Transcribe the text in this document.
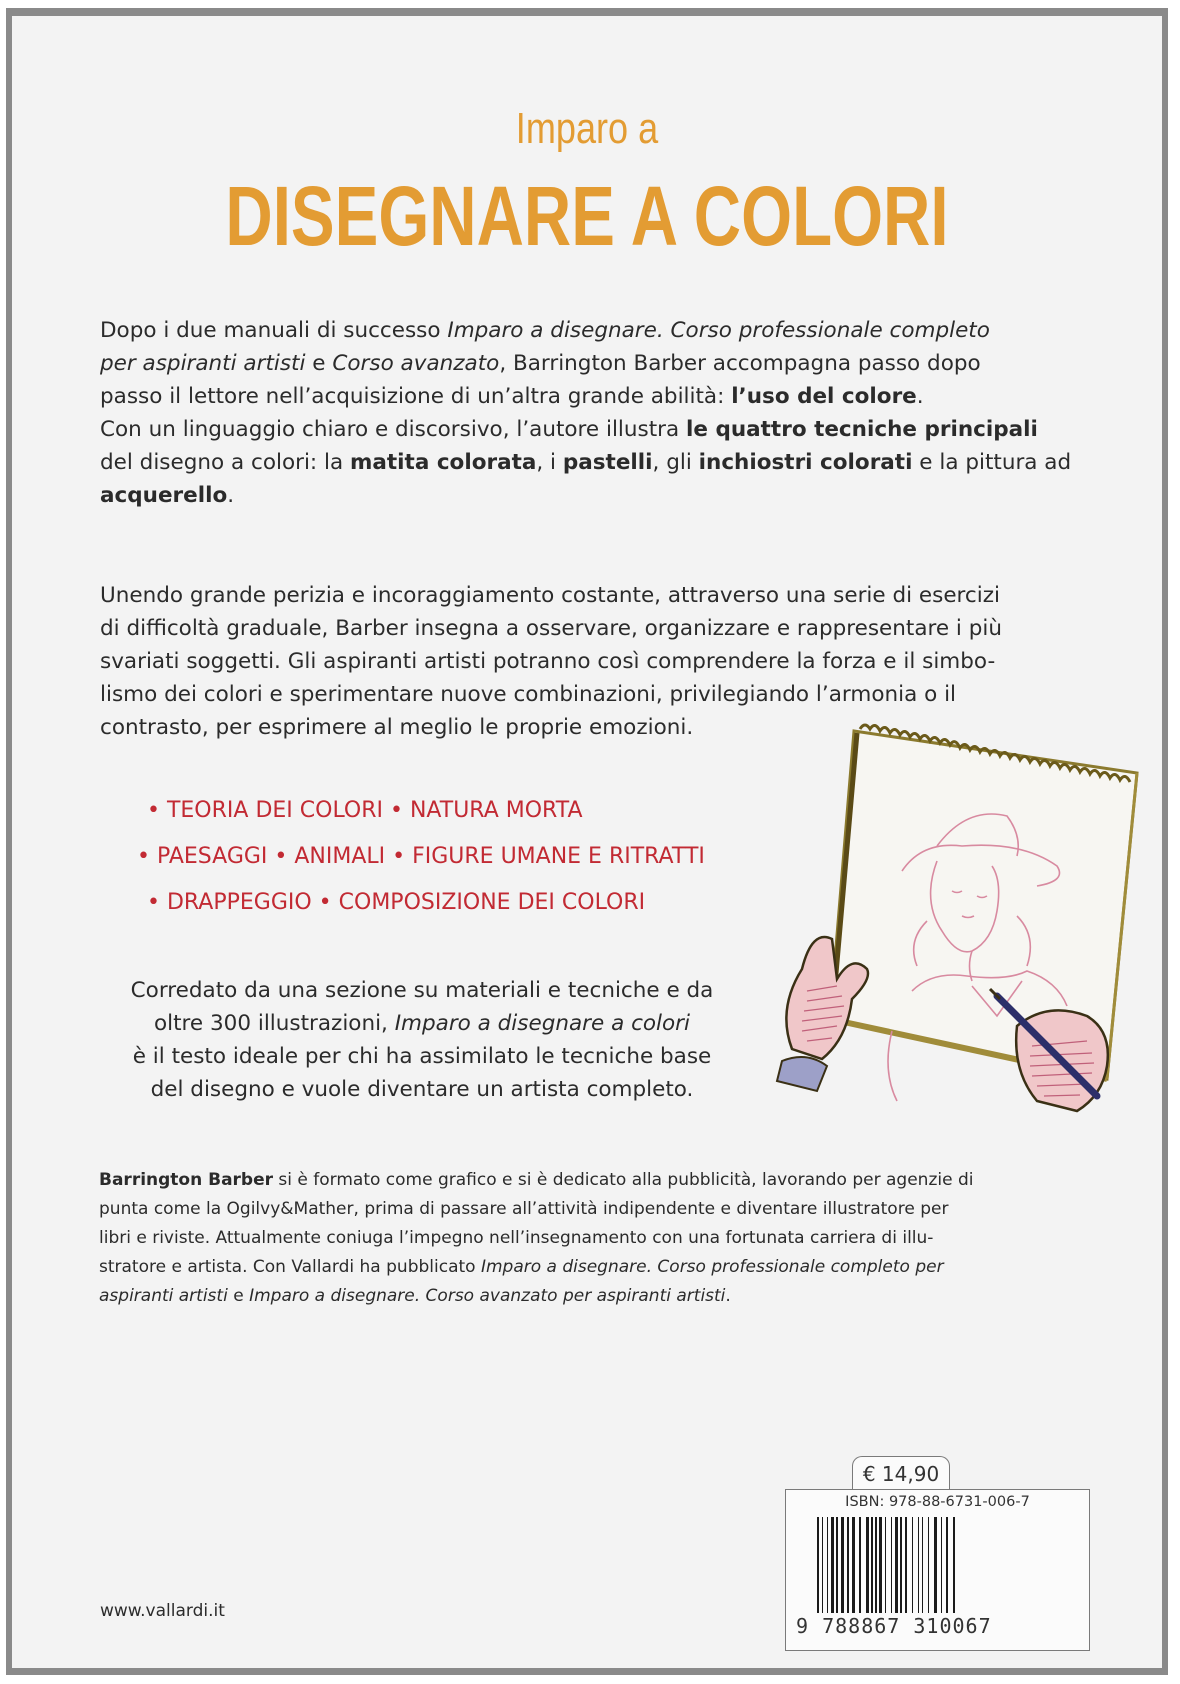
Imparo a
DISEGNARE A COLORI
Dopo i due manuali di successo Imparo a disegnare. Corso professionale completo
per aspiranti artisti e Corso avanzato, Barrington Barber accompagna passo dopo
passo il lettore nell’acquisizione di un’altra grande abilità: l’uso del colore.
Con un linguaggio chiaro e discorsivo, l’autore illustra le quattro tecniche principali
del disegno a colori: la matita colorata, i pastelli, gli inchiostri colorati e la pittura ad
acquerello.
Unendo grande perizia e incoraggiamento costante, attraverso una serie di esercizi
di difficoltà graduale, Barber insegna a osservare, organizzare e rappresentare i più
svariati soggetti. Gli aspiranti artisti potranno così comprendere la forza e il simbo-
lismo dei colori e sperimentare nuove combinazioni, privilegiando l’armonia o il
contrasto, per esprimere al meglio le proprie emozioni.
• TEORIA DEI COLORI • NATURA MORTA
• PAESAGGI • ANIMALI • FIGURE UMANE E RITRATTI
• DRAPPEGGIO • COMPOSIZIONE DEI COLORI
Corredato da una sezione su materiali e tecniche e da
oltre 300 illustrazioni, Imparo a disegnare a colori
è il testo ideale per chi ha assimilato le tecniche base
del disegno e vuole diventare un artista completo.
Barrington Barber si è formato come grafico e si è dedicato alla pubblicità, lavorando per agenzie di
punta come la Ogilvy&Mather, prima di passare all’attività indipendente e diventare illustratore per
libri e riviste. Attualmente coniuga l’impegno nell’insegnamento con una fortunata carriera di illu-
stratore e artista. Con Vallardi ha pubblicato Imparo a disegnare. Corso professionale completo per
aspiranti artisti e Imparo a disegnare. Corso avanzato per aspiranti artisti.
www.vallardi.it
€ 14,90
ISBN: 978-88-6731-006-7
9 788867 310067
